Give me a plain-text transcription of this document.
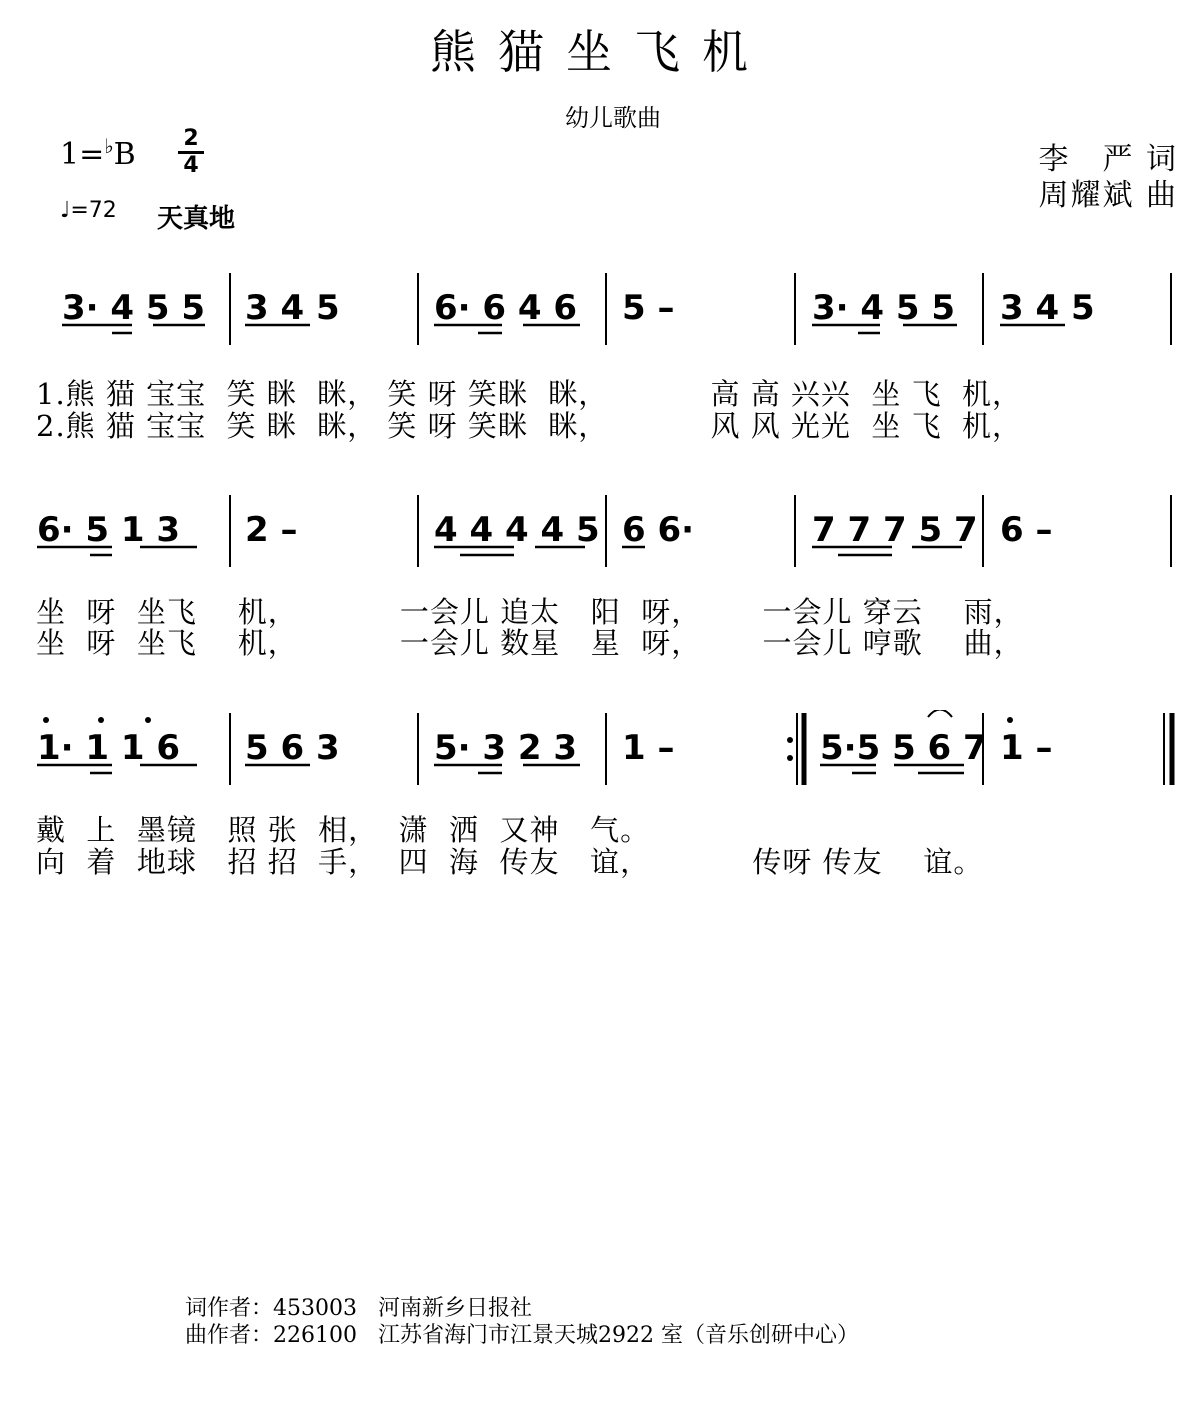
熊猫坐飞机
幼儿歌曲
1=♭B 2
4
♩=72 天真地
李　严 词
周耀斌 曲
3· 4 5 5 3 4 5	6· 6 4 6 5 –	3· 4 5 5 3 4 5
1.熊 猫 宝宝  笑 眯  眯， 笑 呀 笑眯  眯，          高 高 兴兴  坐 飞  机，
2.熊 猫 宝宝  笑 眯  眯， 笑 呀 笑眯  眯，          风 风 光光  坐 飞  机，
6· 5 1 3 2 –	4 4 4 4 5 6 6·	7 7 7 5 7 6 –
坐  呀  坐飞    机，          一会儿 追太   阳  呀，      一会儿 穿云    雨，
坐  呀  坐飞    机，          一会儿 数星   星  呀，      一会儿 哼歌    曲，
1· 1 1 6 5 6 3	5· 3 2 3 1 –	5·5 5 6 7 1 –
戴  上  墨镜   照 张  相，  潇  洒  又神   气。
向  着  地球   招 招  手，  四  海  传友   谊，          传呀 传友    谊。
词作者：453003   河南新乡日报社
曲作者：226100   江苏省海门市江景天城2922 室（音乐创研中心）
